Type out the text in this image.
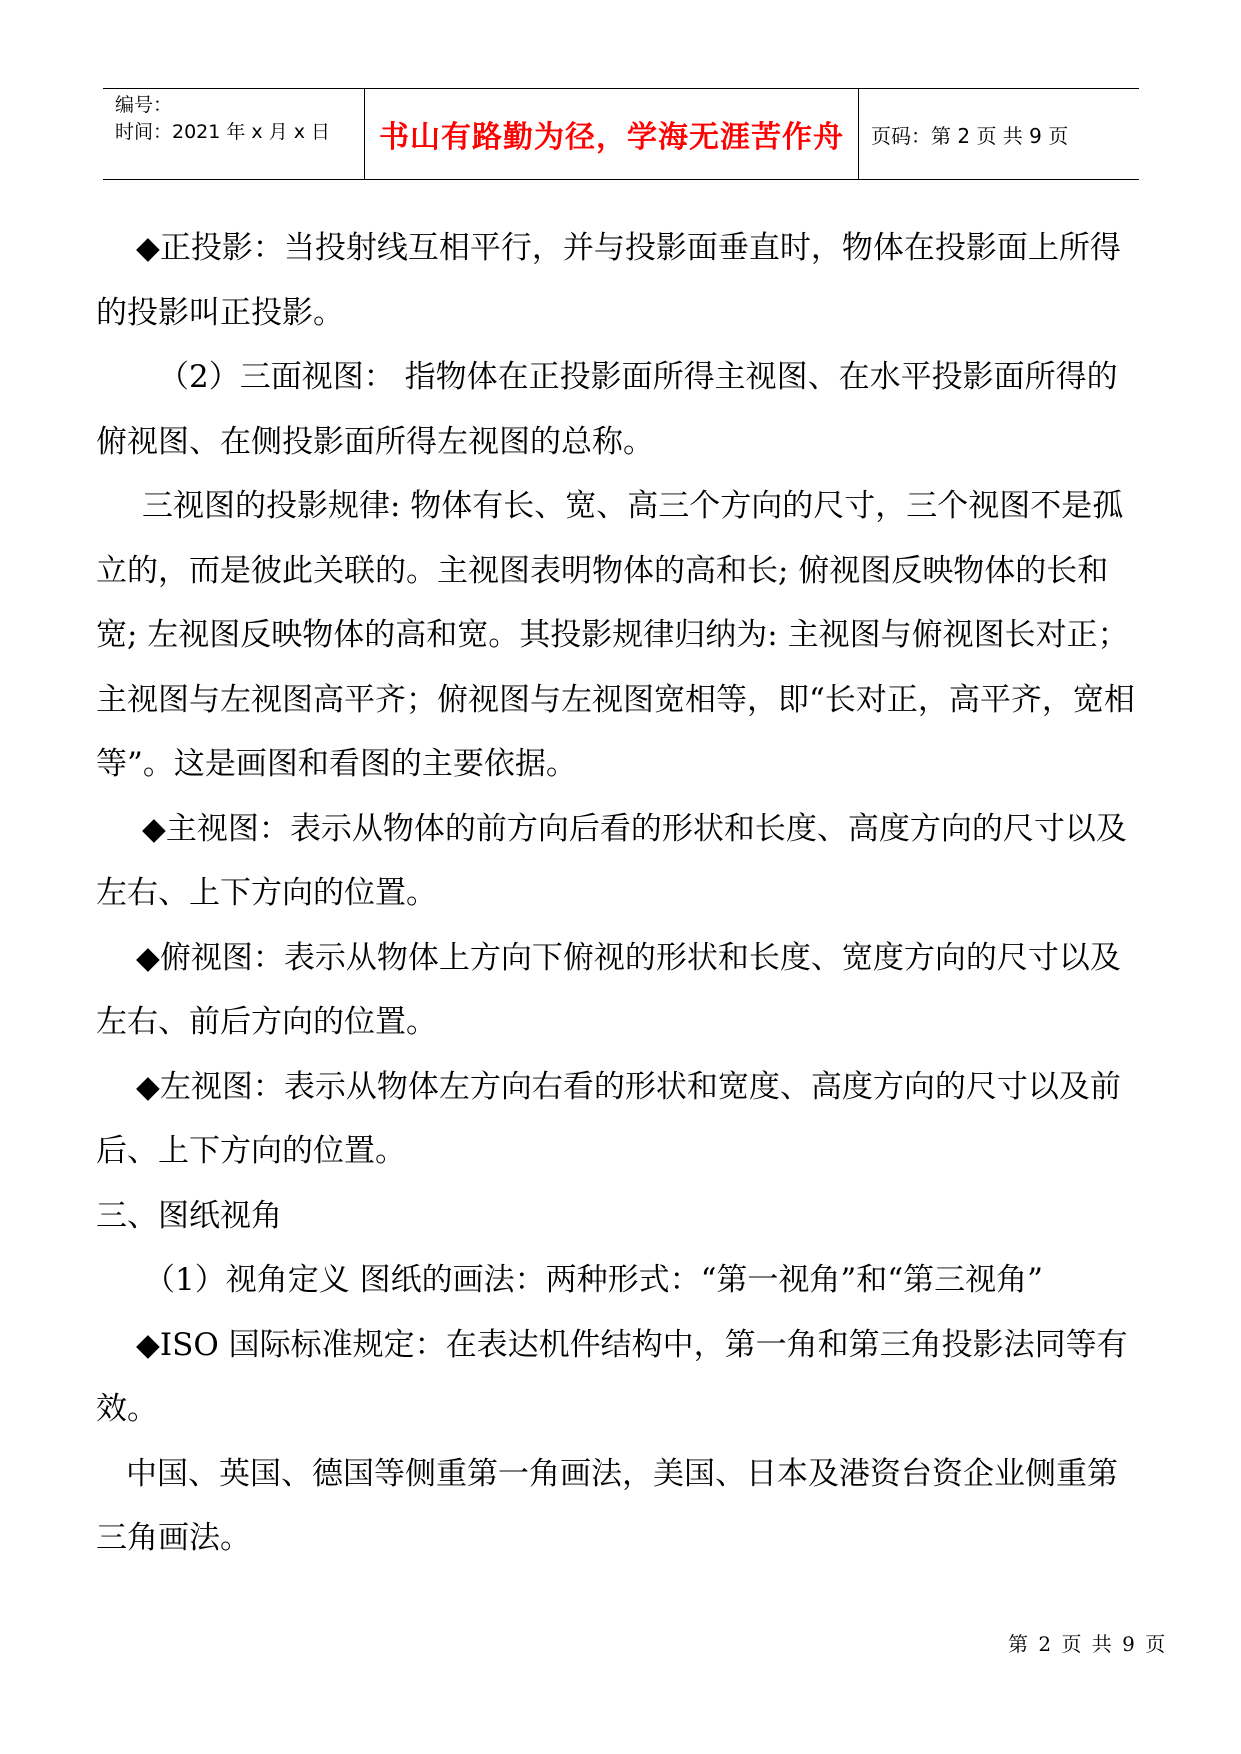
编号：
时间：2021 年 x 月 x 日	书山有路勤为径，学海无涯苦作舟	页码：第 2 页 共 9 页

◆正投影：当投射线互相平行，并与投影面垂直时，物体在投影面上所得的投影叫正投影。

（2）三面视图： 指物体在正投影面所得主视图、在水平投影面所得的俯视图、在侧投影面所得左视图的总称。

三视图的投影规律: 物体有长、宽、高三个方向的尺寸，三个视图不是孤立的，而是彼此关联的。主视图表明物体的高和长; 俯视图反映物体的长和宽; 左视图反映物体的高和宽。其投影规律归纳为: 主视图与俯视图长对正；主视图与左视图高平齐；俯视图与左视图宽相等，即“长对正，高平齐，宽相等”。这是画图和看图的主要依据。

◆主视图：表示从物体的前方向后看的形状和长度、高度方向的尺寸以及左右、上下方向的位置。

◆俯视图：表示从物体上方向下俯视的形状和长度、宽度方向的尺寸以及左右、前后方向的位置。

◆左视图：表示从物体左方向右看的形状和宽度、高度方向的尺寸以及前后、上下方向的位置。

三、图纸视角

（1）视角定义 图纸的画法：两种形式：“第一视角”和“第三视角”

◆ISO 国际标准规定：在表达机件结构中，第一角和第三角投影法同等有效。

中国、英国、德国等侧重第一角画法，美国、日本及港资台资企业侧重第三角画法。

第 2 页 共 9 页
